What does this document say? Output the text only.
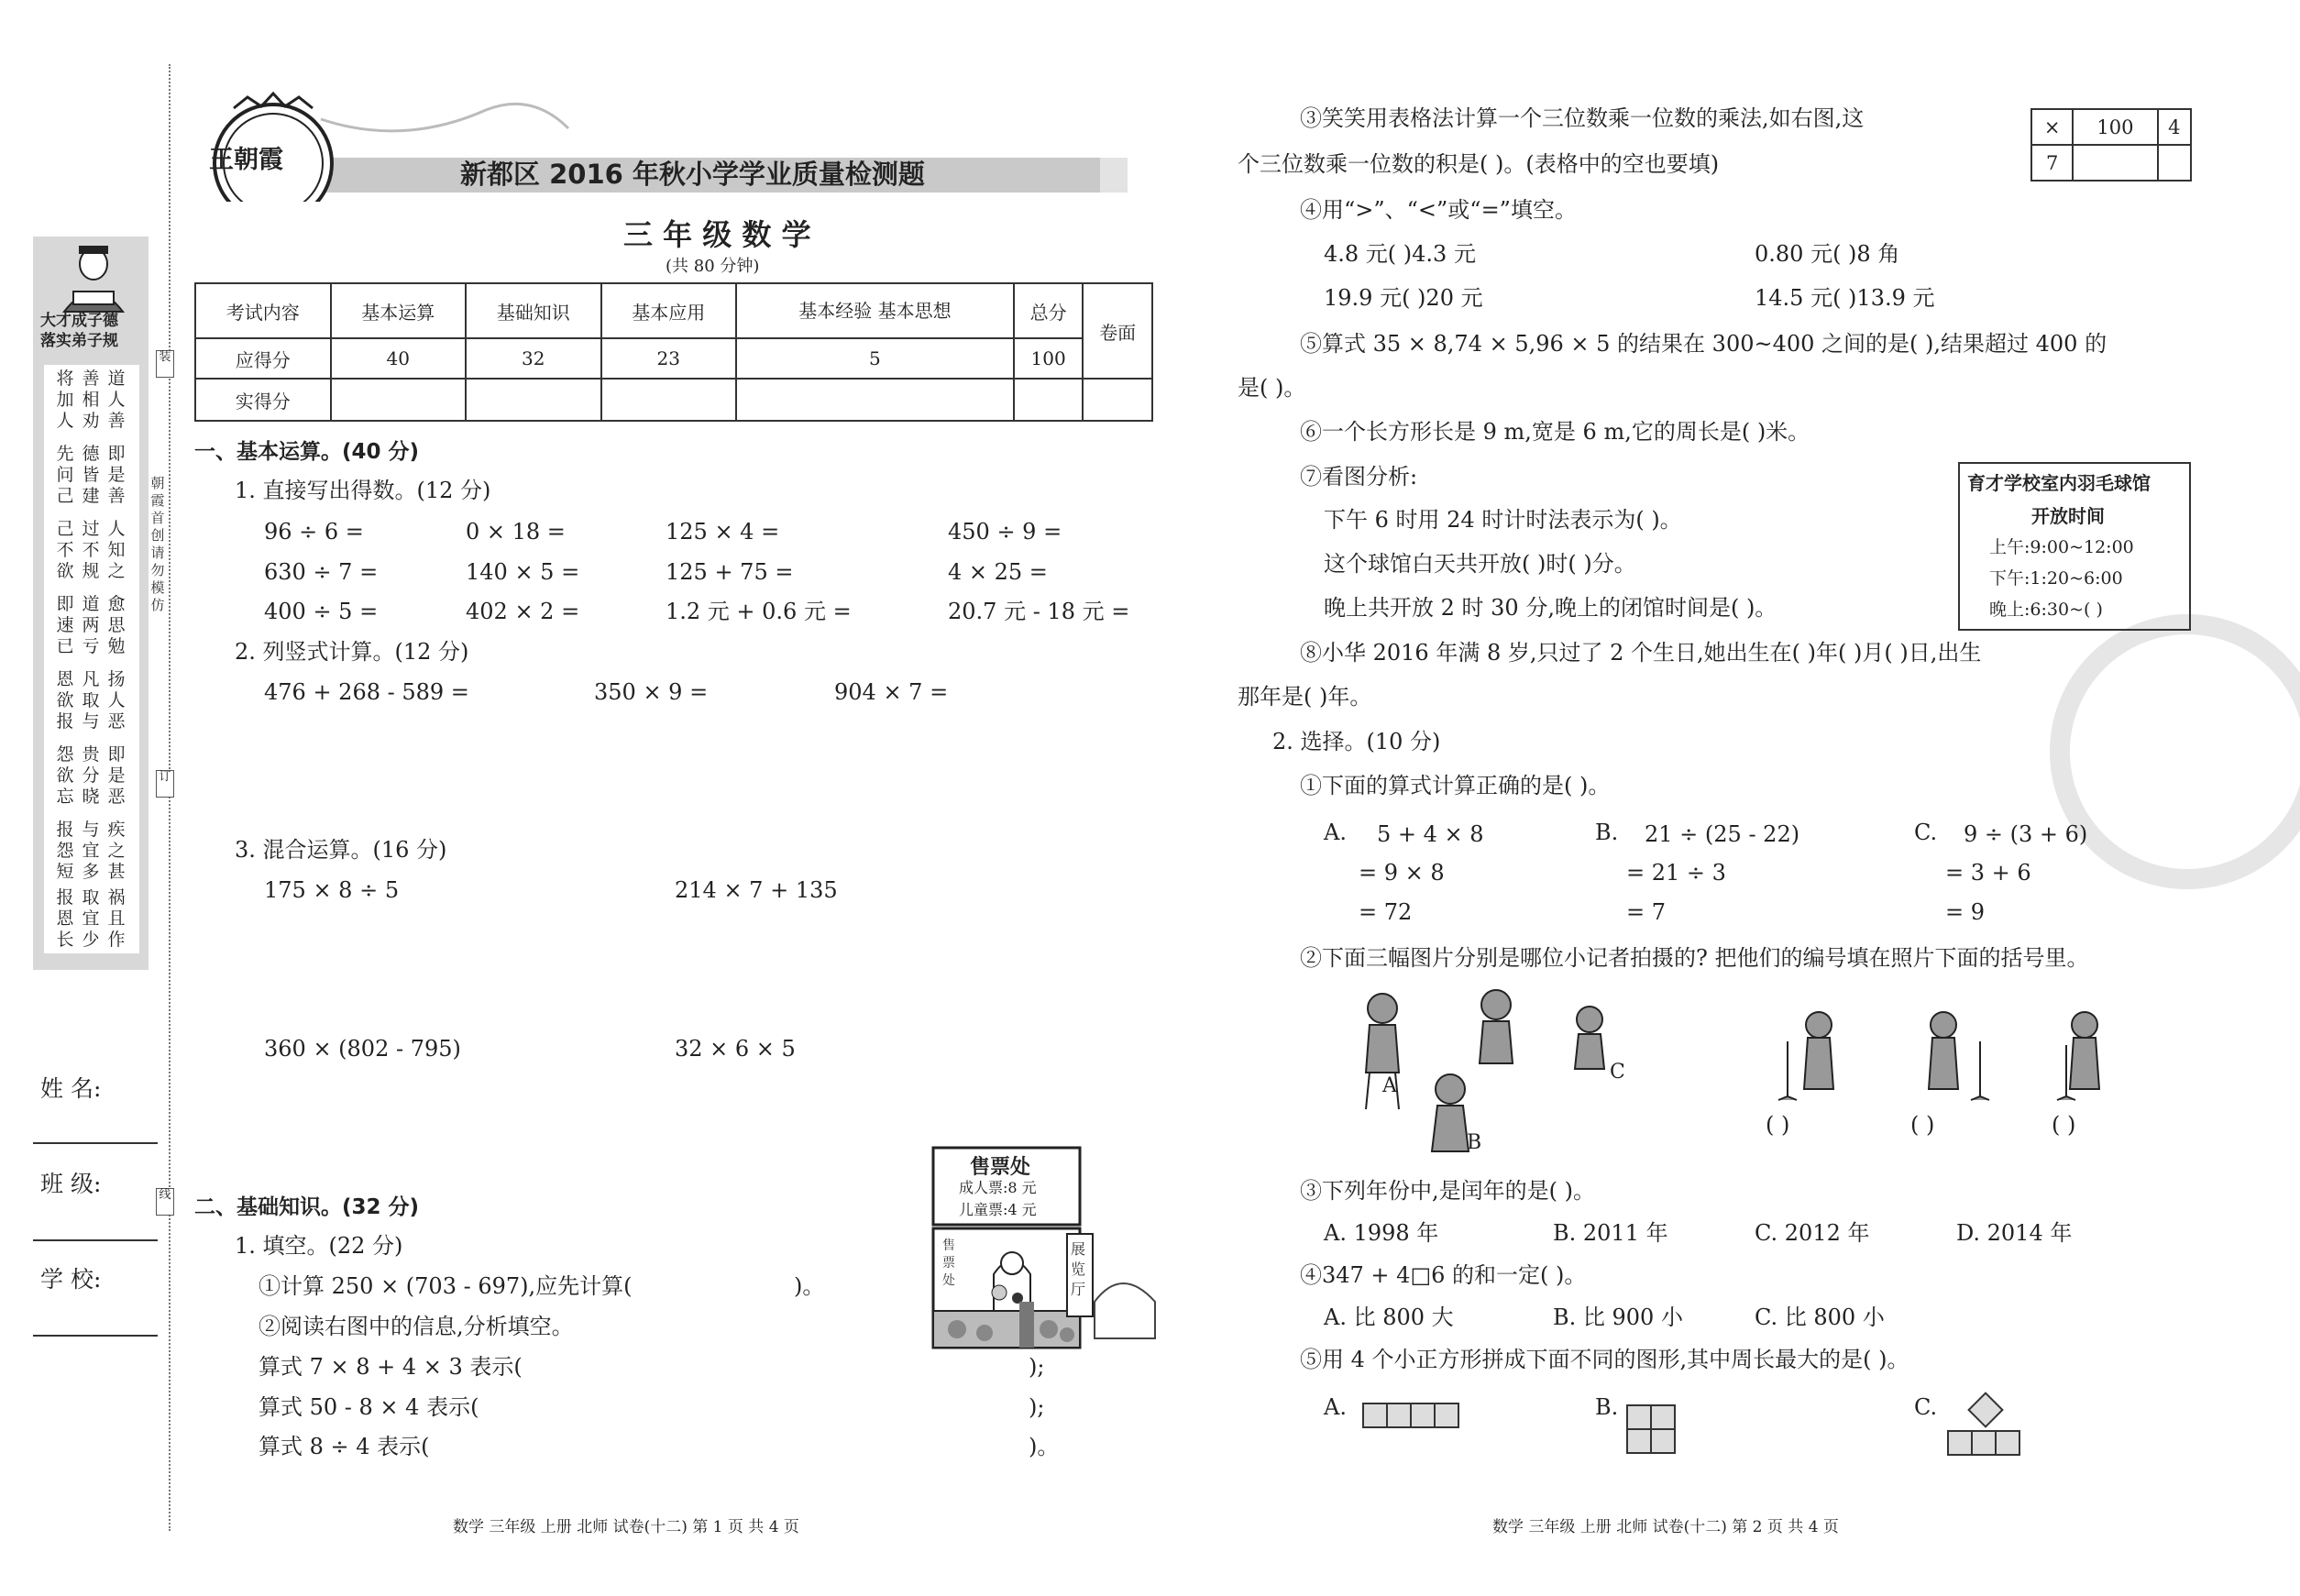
大才成子德
落实弟子规
将加人
善相劝
道人善
先问己
德皆建
即是善
己不欲
过不规
人知之
即速已
道两亏
愈思勉
恩欲报
凡取与
扬人恶
怨欲忘
贵分晓
即是恶
报怨短
与宜多
疾之甚
报恩长
取宜少
祸且作
朝霞首创 请勿模仿
装
订
线
姓 名:
班 级:
学 校:
王朝霞	新都区 2016 年秋小学学业质量检测题
三 年 级 数 学
(共 80 分钟)
考试内容	基本运算	基础知识	基本应用	基本经验 基本思想	总分	卷面
应得分	40	32	23	5	100	
实得分						
一、基本运算。(40 分)
1. 直接写出得数。(12 分)
96 ÷ 6 =	0 × 18 =	125 × 4 =	450 ÷ 9 =
630 ÷ 7 =	140 × 5 =	125 + 75 =	4 × 25 =
400 ÷ 5 =	402 × 2 =	1.2 元 + 0.6 元 =	20.7 元 - 18 元 =
2. 列竖式计算。(12 分)
476 + 268 - 589 =	350 × 9 =	904 × 7 =
3. 混合运算。(16 分)
175 × 8 ÷ 5	214 × 7 + 135
360 × (802 - 795)	32 × 6 × 5
二、基础知识。(32 分)
1. 填空。(22 分)
①计算 250 × (703 - 697),应先计算(	)。
②阅读右图中的信息,分析填空。
算式 7 × 8 + 4 × 3 表示(	);
算式 50 - 8 × 4 表示(	);
算式 8 ÷ 4 表示(	)。
售票处
成人票:8 元
儿童票:4 元
售票处
展览厅
③笑笑用表格法计算一个三位数乘一位数的乘法,如右图,这
个三位数乘一位数的积是( )。(表格中的空也要填)
×	100	4
7		
④用“>”、“<”或“=”填空。
4.8 元( )4.3 元	0.80 元( )8 角
19.9 元( )20 元	14.5 元( )13.9 元
⑤算式 35 × 8,74 × 5,96 × 5 的结果在 300~400 之间的是( ),结果超过 400 的
是( )。
⑥一个长方形长是 9 m,宽是 6 m,它的周长是( )米。
⑦看图分析:
下午 6 时用 24 时计时法表示为( )。
这个球馆白天共开放( )时( )分。
晚上共开放 2 时 30 分,晚上的闭馆时间是( )。
育才学校室内羽毛球馆
开放时间
上午:9:00~12:00
下午:1:20~6:00
晚上:6:30~( )
⑧小华 2016 年满 8 岁,只过了 2 个生日,她出生在( )年( )月( )日,出生
那年是( )年。
2. 选择。(10 分)
①下面的算式计算正确的是( )。
A. 5 + 4 × 8
= 9 × 8
= 72
B. 21 ÷ (25 - 22)
= 21 ÷ 3
= 7
C. 9 ÷ (3 + 6)
= 3 + 6
= 9
②下面三幅图片分别是哪位小记者拍摄的? 把他们的编号填在照片下面的括号里。
A
B
C
( )	( )	( )
③下列年份中,是闰年的是( )。
A. 1998 年	B. 2011 年	C. 2012 年	D. 2014 年
④347 + 4□6 的和一定( )。
A. 比 800 大	B. 比 900 小	C. 比 800 小
⑤用 4 个小正方形拼成下面不同的图形,其中周长最大的是( )。
A.	B.	C.
数学 三年级 上册 北师 试卷(十二) 第 1 页 共 4 页	数学 三年级 上册 北师 试卷(十二) 第 2 页 共 4 页
